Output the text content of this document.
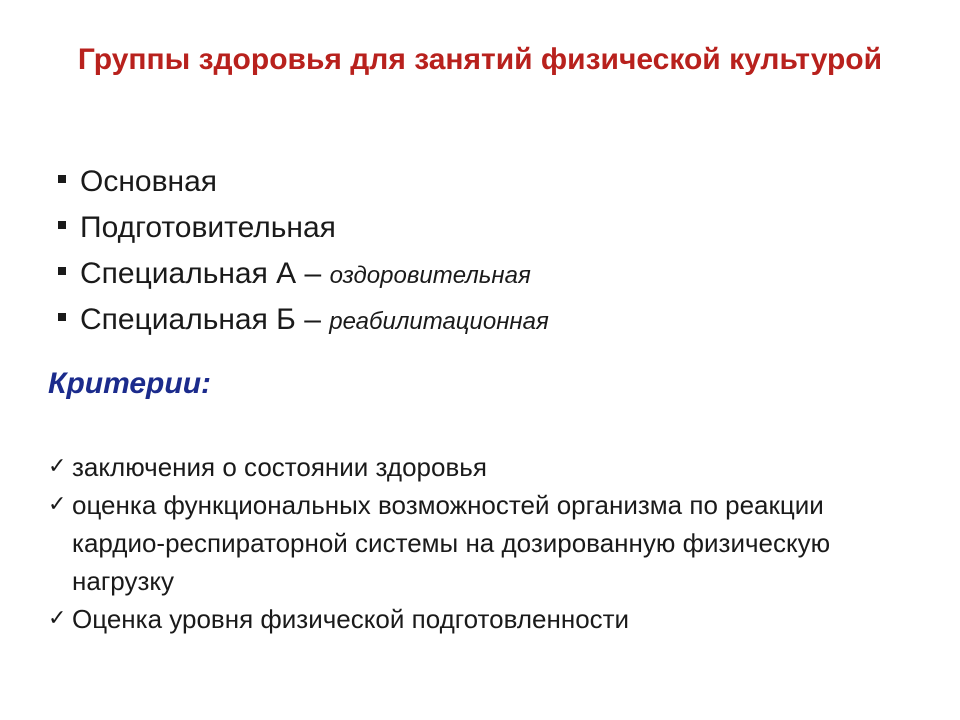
Группы здоровья для занятий физической культурой
Основная
Подготовительная
Специальная А – оздоровительная
Специальная Б – реабилитационная
Критерии:
✓ заключения о состоянии здоровья
✓ оценка функциональных возможностей организма по реакции кардио-респираторной системы на дозированную физическую нагрузку
✓ Оценка уровня физической подготовленности
